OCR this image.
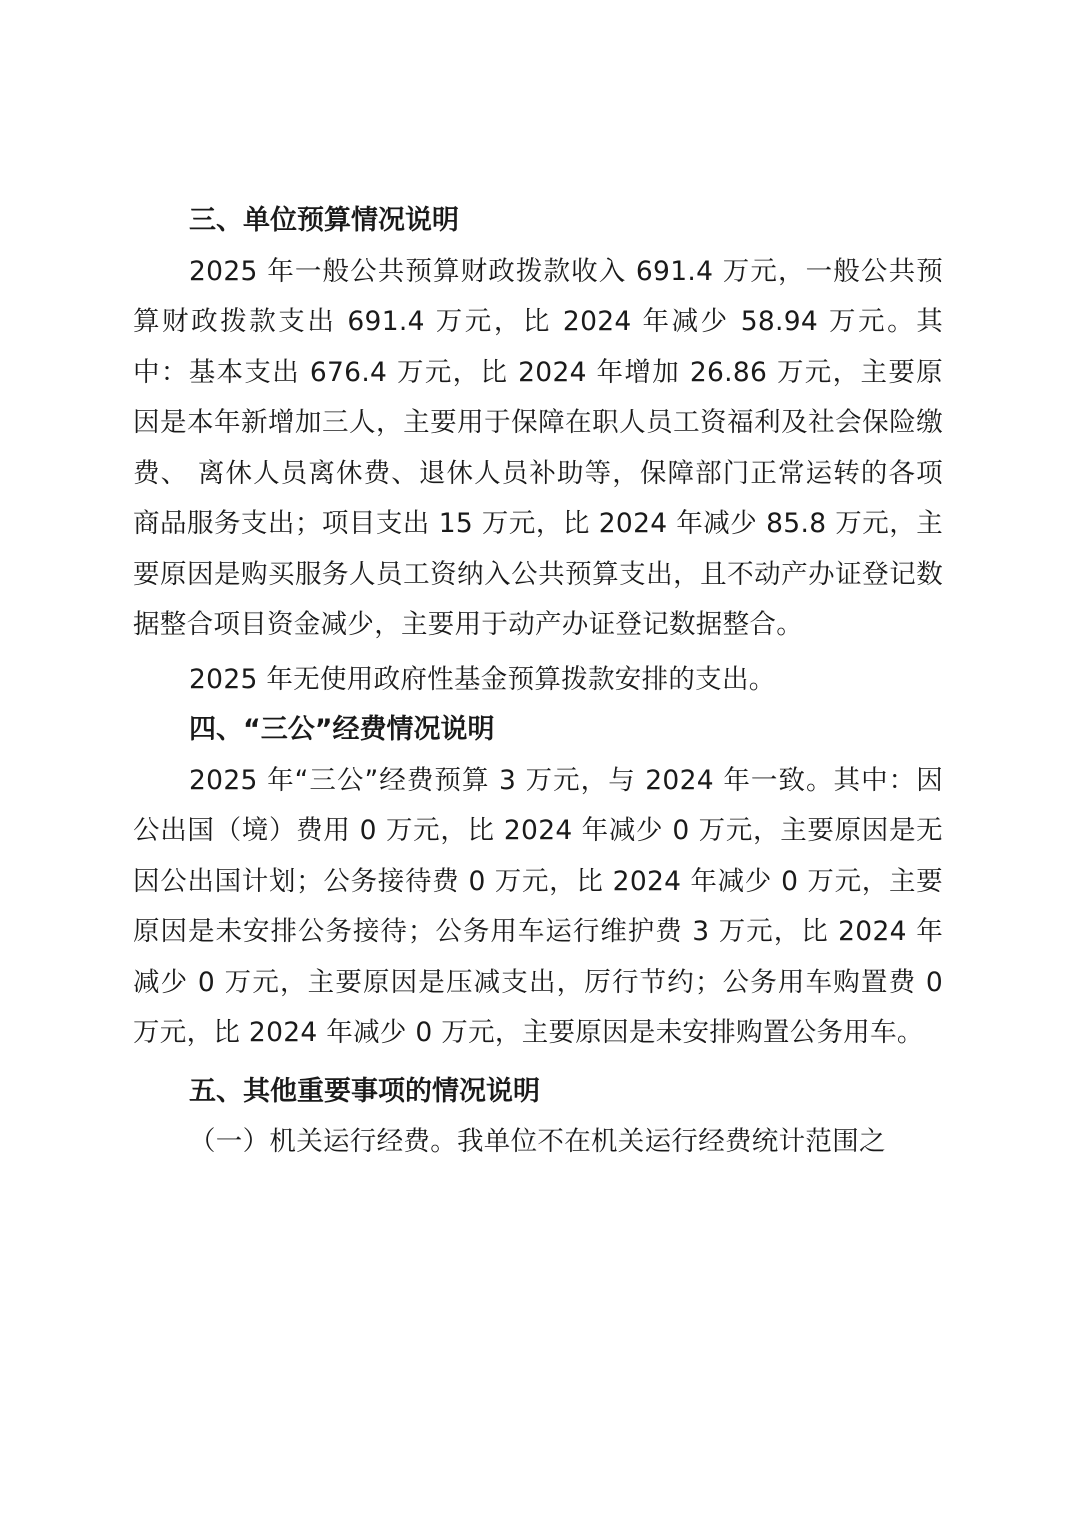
三、单位预算情况说明

2025 年一般公共预算财政拨款收入 691.4 万元，一般公共预算财政拨款支出 691.4 万元，比 2024 年减少 58.94 万元。其中：基本支出 676.4 万元，比 2024 年增加 26.86 万元，主要原因是本年新增加三人，主要用于保障在职人员工资福利及社会保险缴费、 离休人员离休费、退休人员补助等，保障部门正常运转的各项商品服务支出；项目支出 15 万元，比 2024 年减少 85.8 万元，主要原因是购买服务人员工资纳入公共预算支出，且不动产办证登记数据整合项目资金减少，主要用于动产办证登记数据整合。

2025 年无使用政府性基金预算拨款安排的支出。

四、“三公”经费情况说明

2025 年“三公”经费预算 3 万元，与 2024 年一致。其中：因公出国（境）费用 0 万元，比 2024 年减少 0 万元，主要原因是无因公出国计划；公务接待费 0 万元，比 2024 年减少 0 万元，主要原因是未安排公务接待；公务用车运行维护费 3 万元，比 2024 年减少 0 万元，主要原因是压减支出，厉行节约；公务用车购置费 0 万元，比 2024 年减少 0 万元，主要原因是未安排购置公务用车。

五、其他重要事项的情况说明

（一）机关运行经费。我单位不在机关运行经费统计范围之
